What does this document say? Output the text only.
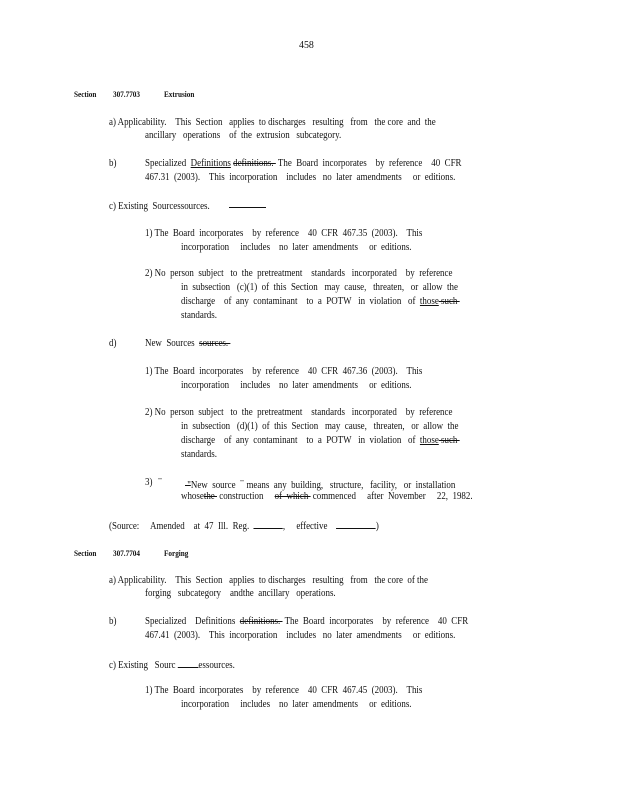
458
Section 307.7703	Extrusion
a) Applicability.    This  Section   applies  to discharges   resulting   from   the core  and  the
ancillary   operations    of  the  extrusion   subcategory.
b)	Specialized  Definitions definitions.  The  Board  incorporates    by  reference    40  CFR
467.31  (2003).    This  incorporation    includes   no  later  amendments     or  editions.
c) Existing  Sourcessources.
1) The  Board  incorporates    by  reference    40  CFR  467.35  (2003).    This
incorporation     includes    no  later  amendments     or  editions.
2) No  person  subject   to  the  pretreatment    standards   incorporated    by  reference
in  subsection   (c)(1)  of  this  Section   may  cause,   threaten,   or  allow  the
discharge    of  any  contaminant    to  a  POTW   in  violation   of  those such
standards.
d)	New  Sources  sources.
1) The  Board  incorporates    by  reference    40  CFR  467.36  (2003).    This
incorporation     includes    no  later  amendments     or  editions.
2) No  person  subject   to  the  pretreatment    standards   incorporated    by  reference
in  subsection   (d)(1)  of  this  Section   may  cause,   threaten,   or  allow  the
discharge    of  any  contaminant    to  a  POTW   in  violation   of  those such
standards.
3) "" "New  source  "" means  any  building,   structure,   facility,   or  installation
whosethe  construction     of  which  commenced     after  November     22,  1982.
(Source:     Amended    at  47  Ill.  Reg.	,     effective	)
Section 307.7704	Forging
a) Applicability.    This  Section   applies  to discharges   resulting   from   the core  of the
forging   subcategory    andthe  ancillary   operations.
b)	Specialized    Definitions  definitions.  The  Board  incorporates    by  reference    40  CFR
467.41  (2003).    This  incorporation    includes   no  later  amendments     or  editions.
c) Existing   Sourc essources.
1) The  Board  incorporates    by  reference    40  CFR  467.45  (2003).    This
incorporation     includes    no  later  amendments     or  editions.
